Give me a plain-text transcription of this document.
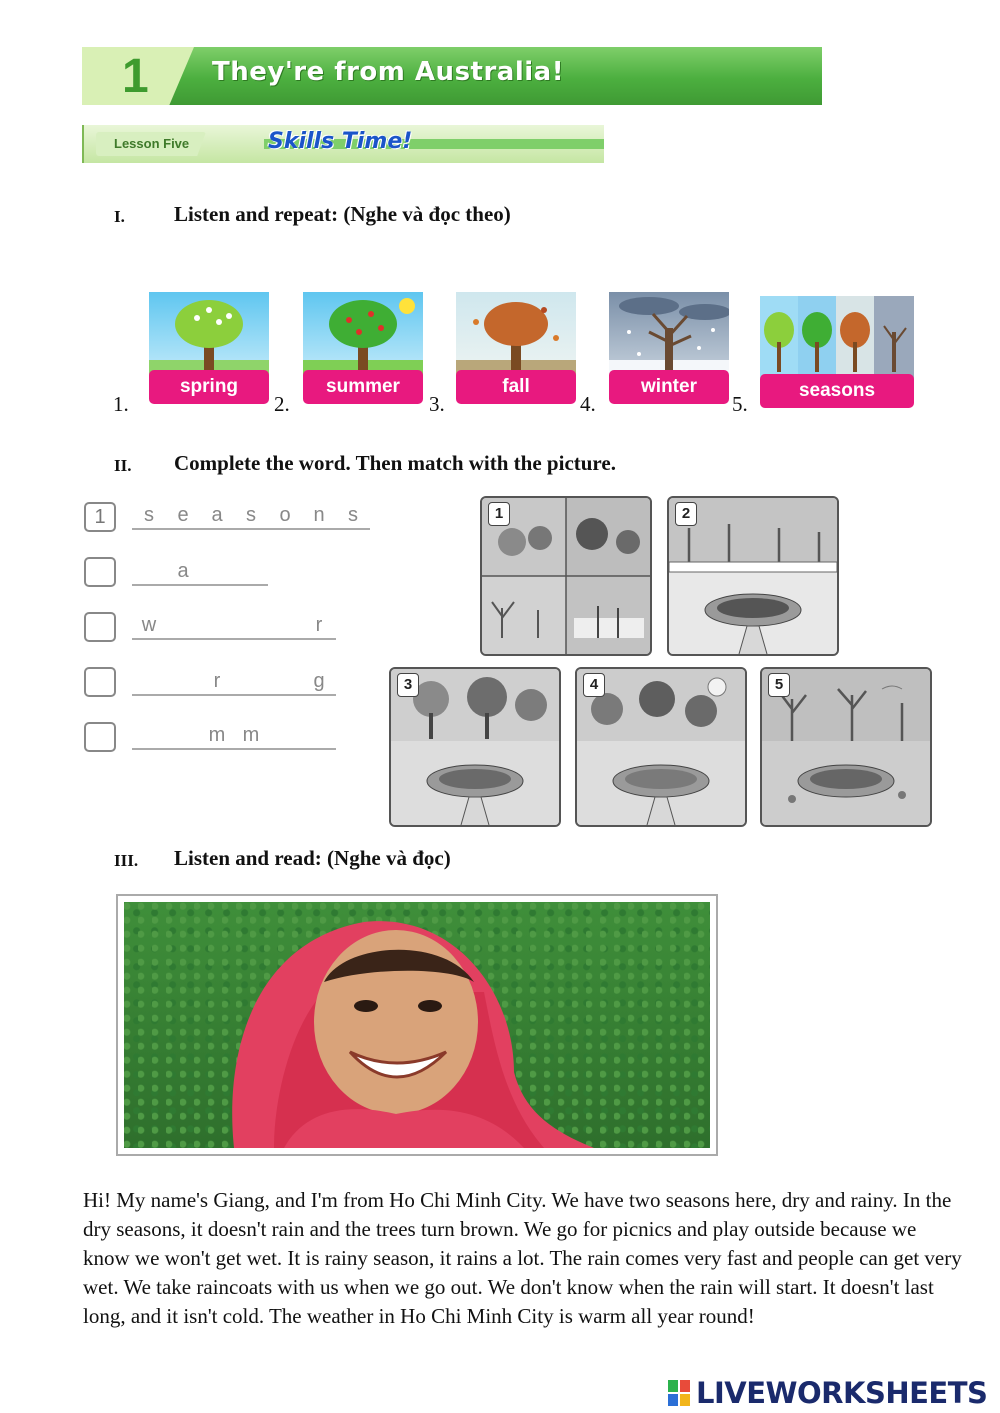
1 They're from Australia!
Lesson Five	Skills Time!
I. Listen and repeat: (Nghe và đọc theo)
1.
spring
2.
summer
3.
fall
4.
winter
5.
seasons
II. Complete the word. Then match with the picture.
1	s	e	a	s	o	n	s
a
w	r
r	g
m m
1	2
3	4	5
III. Listen and read: (Nghe và đọc)
Hi! My name's Giang, and I'm from Ho Chi Minh City. We have two seasons here, dry and rainy. In the dry seasons, it doesn't rain and the trees turn brown. We go for picnics and play outside because we know we won't get wet. It is rainy season, it rains a lot. The rain comes very fast and people can get very wet. We take raincoats with us when we go out. We don't know when the rain will start. It doesn't last long, and it isn't cold. The weather in Ho Chi Minh City is warm all year round!
LIVEWORKSHEETS
